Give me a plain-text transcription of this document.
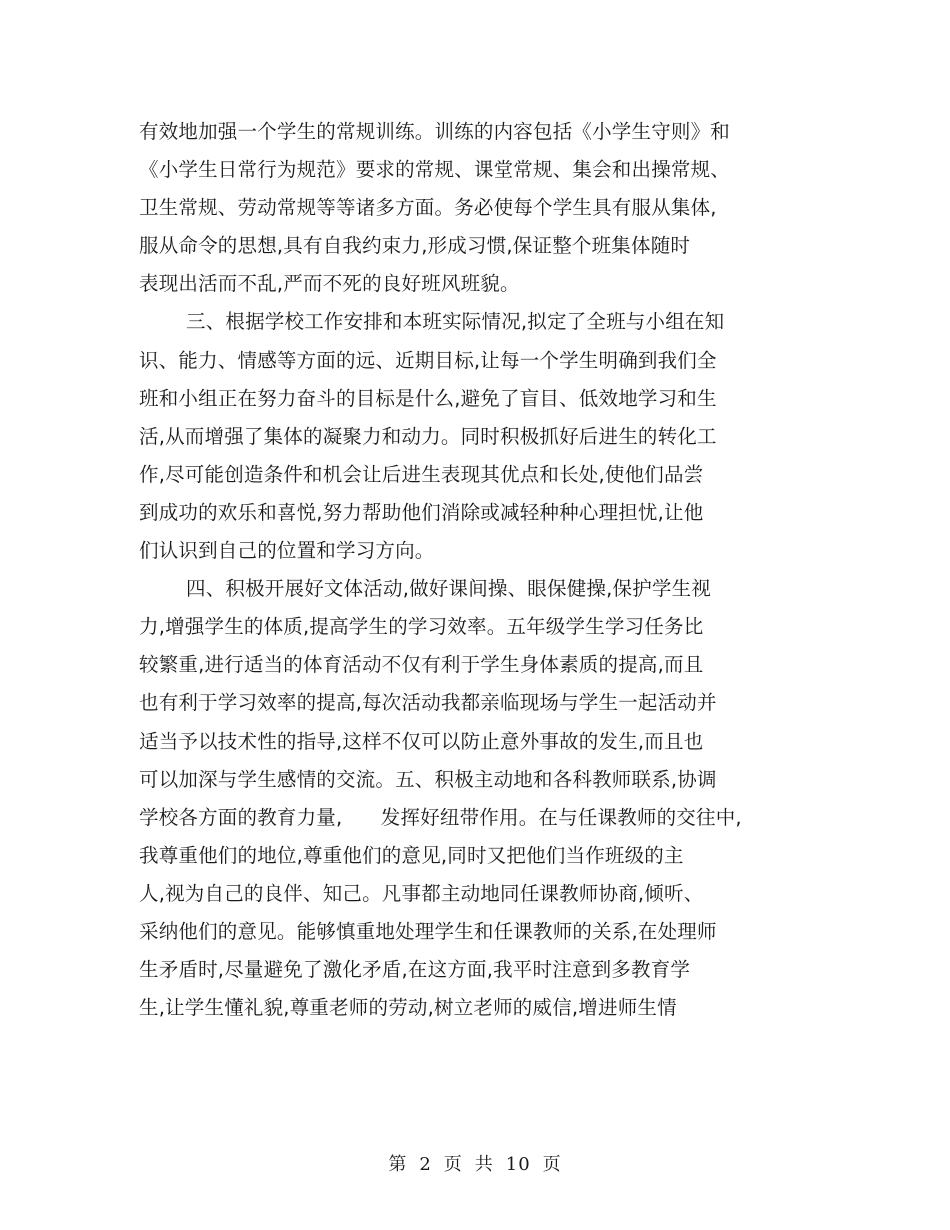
有效地加强一个学生的常规训练。训练的内容包括《小学生守则》和
《小学生日常行为规范》要求的常规、课堂常规、集会和出操常规、
卫生常规、劳动常规等等诸多方面。务必使每个学生具有服从集体,
服从命令的思想,具有自我约束力,形成习惯,保证整个班集体随时
表现出活而不乱,严而不死的良好班风班貌。
三、根据学校工作安排和本班实际情况,拟定了全班与小组在知
识、能力、情感等方面的远、近期目标,让每一个学生明确到我们全
班和小组正在努力奋斗的目标是什么,避免了盲目、低效地学习和生
活,从而增强了集体的凝聚力和动力。同时积极抓好后进生的转化工
作,尽可能创造条件和机会让后进生表现其优点和长处,使他们品尝
到成功的欢乐和喜悦,努力帮助他们消除或减轻种种心理担忧,让他
们认识到自己的位置和学习方向。
四、积极开展好文体活动,做好课间操、眼保健操,保护学生视
力,增强学生的体质,提高学生的学习效率。五年级学生学习任务比
较繁重,进行适当的体育活动不仅有利于学生身体素质的提高,而且
也有利于学习效率的提高,每次活动我都亲临现场与学生一起活动并
适当予以技术性的指导,这样不仅可以防止意外事故的发生,而且也
可以加深与学生感情的交流。五、积极主动地和各科教师联系,协调
学校各方面的教育力量,      发挥好纽带作用。在与任课教师的交往中,
我尊重他们的地位,尊重他们的意见,同时又把他们当作班级的主
人,视为自己的良伴、知己。凡事都主动地同任课教师协商,倾听、
采纳他们的意见。能够慎重地处理学生和任课教师的关系,在处理师
生矛盾时,尽量避免了激化矛盾,在这方面,我平时注意到多教育学
生,让学生懂礼貌,尊重老师的劳动,树立老师的威信,增进师生情
第 2 页 共 10 页
